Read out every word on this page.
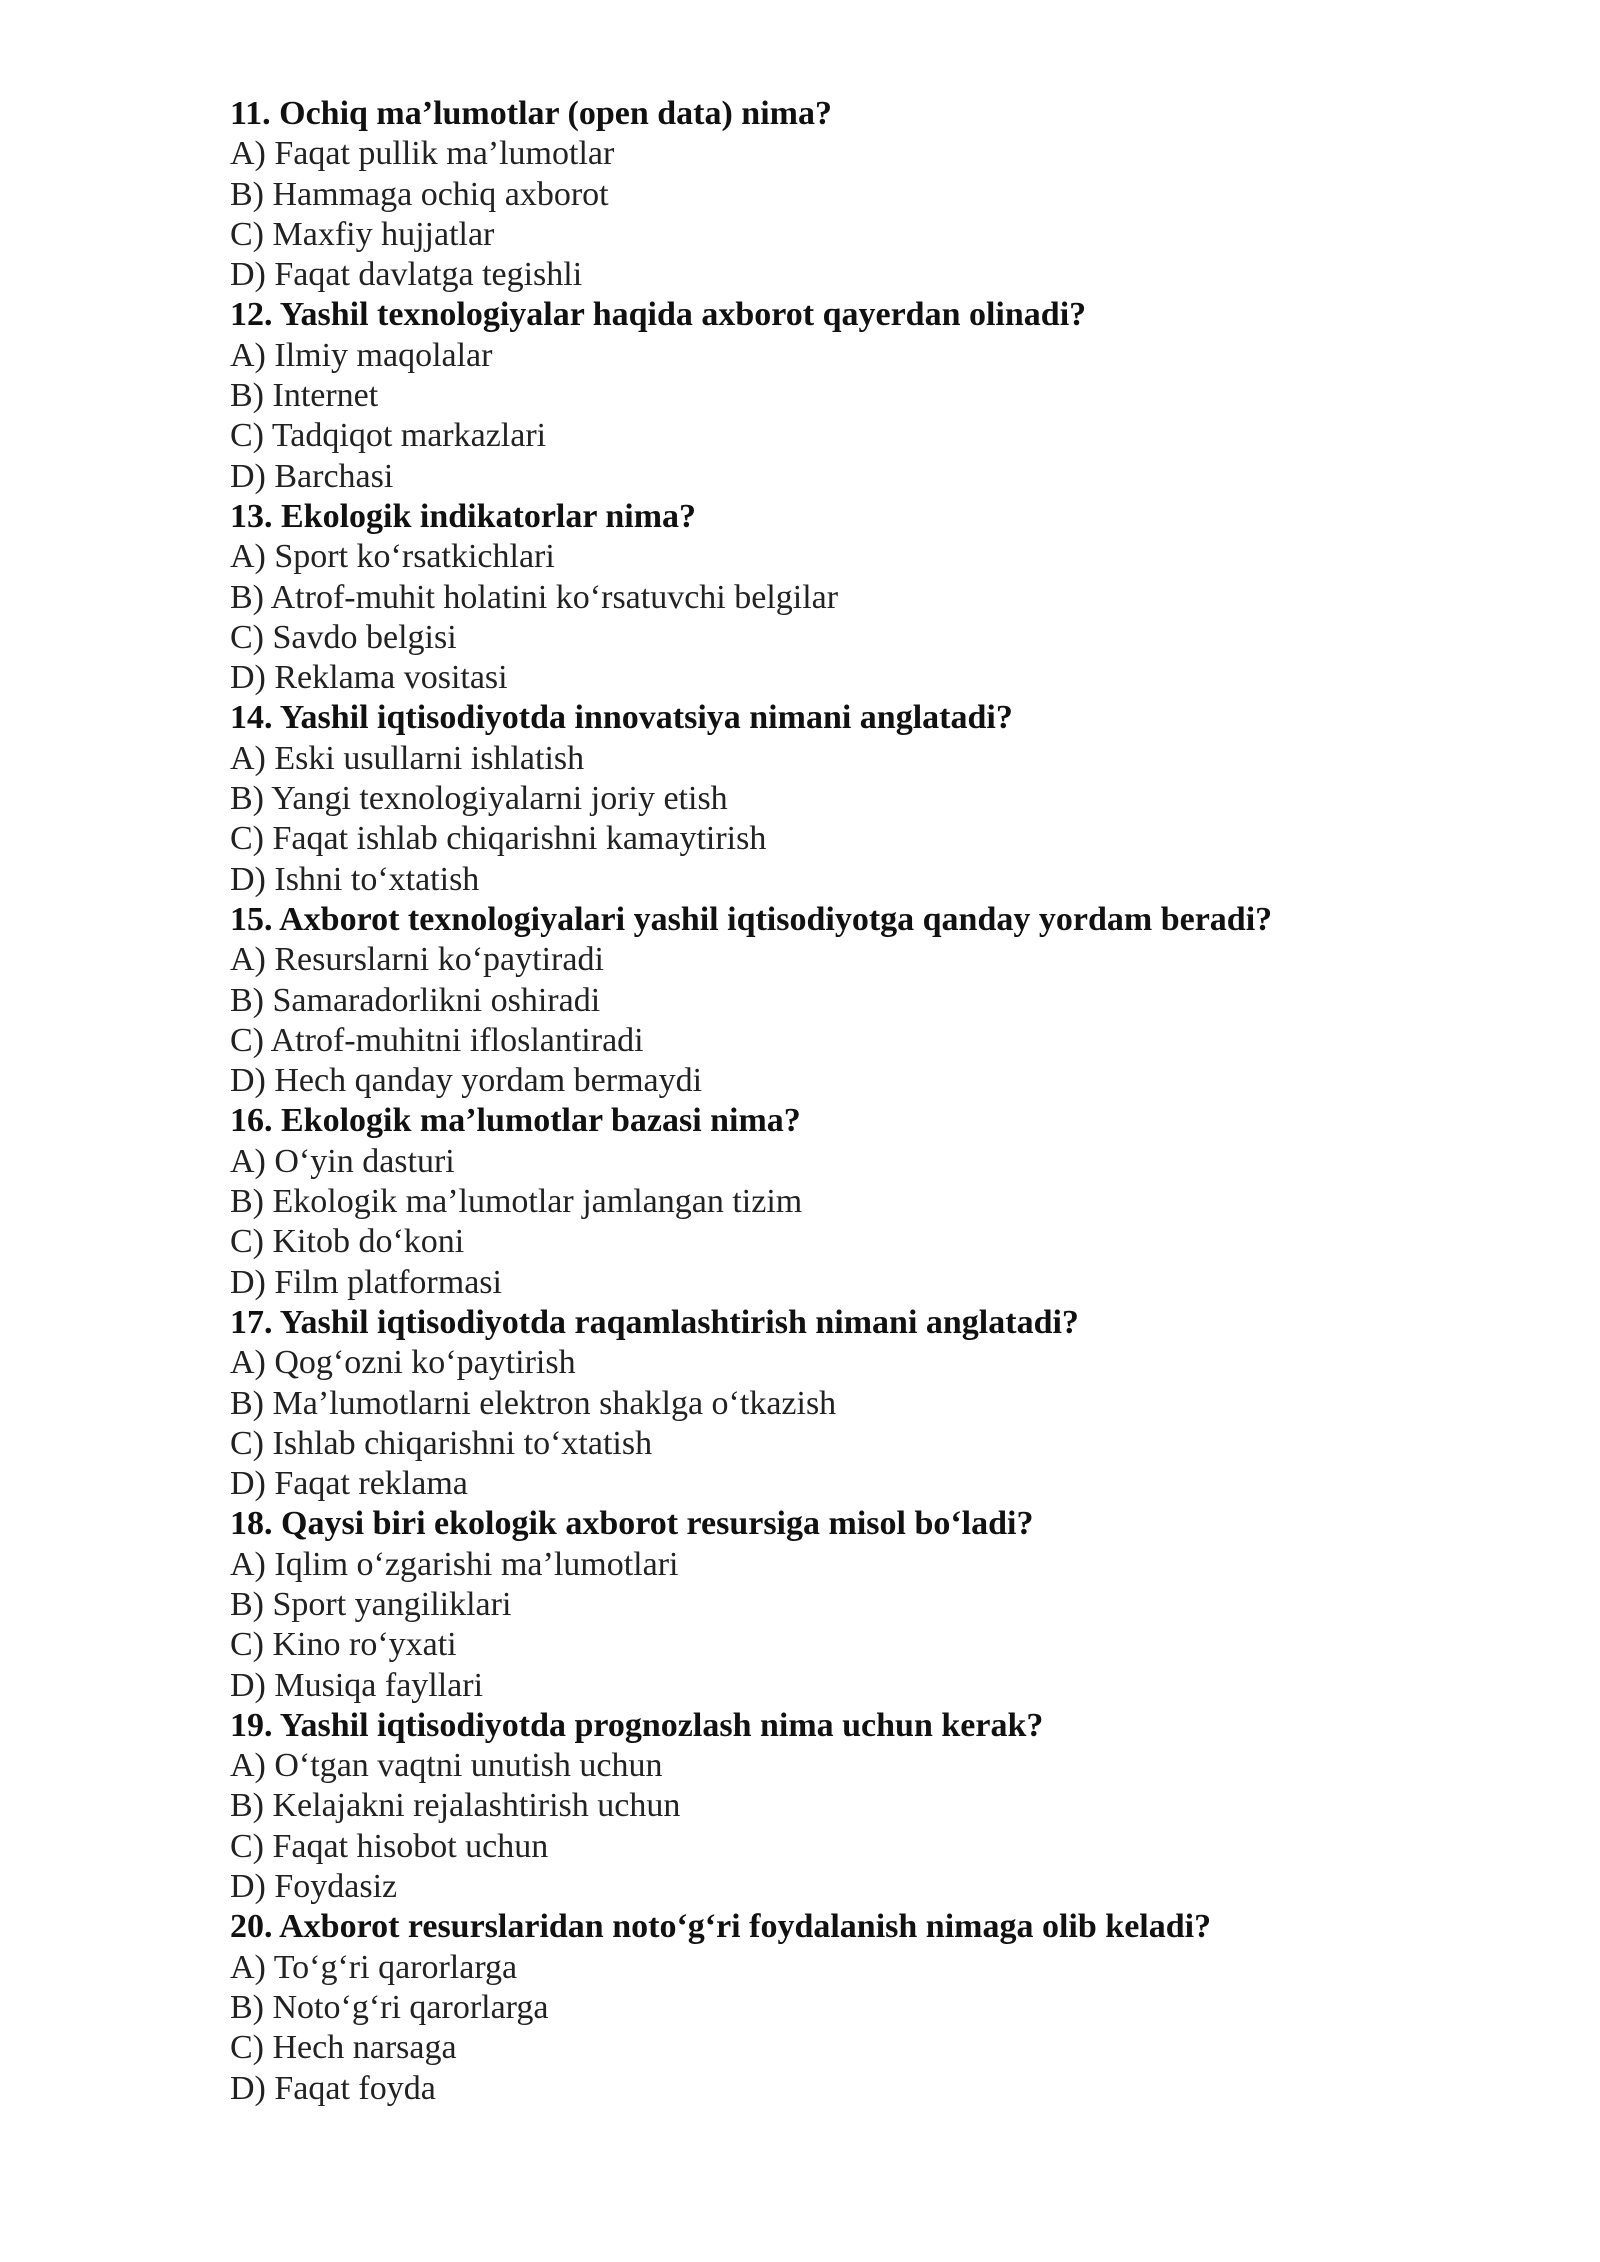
11. Ochiq ma’lumotlar (open data) nima?
A) Faqat pullik ma’lumotlar
B) Hammaga ochiq axborot
C) Maxfiy hujjatlar
D) Faqat davlatga tegishli
12. Yashil texnologiyalar haqida axborot qayerdan olinadi?
A) Ilmiy maqolalar
B) Internet
C) Tadqiqot markazlari
D) Barchasi
13. Ekologik indikatorlar nima?
A) Sport ko‘rsatkichlari
B) Atrof-muhit holatini ko‘rsatuvchi belgilar
C) Savdo belgisi
D) Reklama vositasi
14. Yashil iqtisodiyotda innovatsiya nimani anglatadi?
A) Eski usullarni ishlatish
B) Yangi texnologiyalarni joriy etish
C) Faqat ishlab chiqarishni kamaytirish
D) Ishni to‘xtatish
15. Axborot texnologiyalari yashil iqtisodiyotga qanday yordam beradi?
A) Resurslarni ko‘paytiradi
B) Samaradorlikni oshiradi
C) Atrof-muhitni ifloslantiradi
D) Hech qanday yordam bermaydi
16. Ekologik ma’lumotlar bazasi nima?
A) O‘yin dasturi
B) Ekologik ma’lumotlar jamlangan tizim
C) Kitob do‘koni
D) Film platformasi
17. Yashil iqtisodiyotda raqamlashtirish nimani anglatadi?
A) Qog‘ozni ko‘paytirish
B) Ma’lumotlarni elektron shaklga o‘tkazish
C) Ishlab chiqarishni to‘xtatish
D) Faqat reklama
18. Qaysi biri ekologik axborot resursiga misol bo‘ladi?
A) Iqlim o‘zgarishi ma’lumotlari
B) Sport yangiliklari
C) Kino ro‘yxati
D) Musiqa fayllari
19. Yashil iqtisodiyotda prognozlash nima uchun kerak?
A) O‘tgan vaqtni unutish uchun
B) Kelajakni rejalashtirish uchun
C) Faqat hisobot uchun
D) Foydasiz
20. Axborot resurslaridan noto‘g‘ri foydalanish nimaga olib keladi?
A) To‘g‘ri qarorlarga
B) Noto‘g‘ri qarorlarga
C) Hech narsaga
D) Faqat foyda
